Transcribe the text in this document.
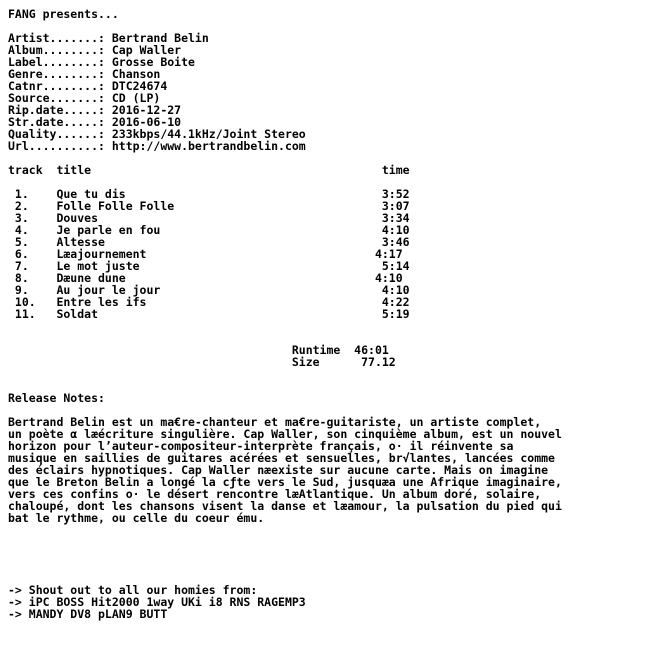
FANG presents...
Artist.......: Bertrand Belin
Album........: Cap Waller
Label........: Grosse Boite
Genre........: Chanson
Catnr........: DTC24674
Source.......: CD (LP)
Rip.date.....: 2016-12-27
Str.date.....: 2016-06-10
Quality......: 233kbps/44.1kHz/Joint Stereo
Url..........: http://www.bertrandbelin.com
track  title                                          time
1.    Que tu dis                                     3:52
2.    Folle Folle Folle                              3:07
3.    Douves                                         3:34
4.    Je parle en fou                                4:10
5.    Altesse                                        3:46
6.    Læajournement                                 4:17
7.    Le mot juste                                   5:14
8.    Dæune dune                                    4:10
9.    Au jour le jour                                4:10
10.   Entre les ifs                                  4:22
11.   Soldat                                         5:19
Runtime  46:01
Size      77.12
Release Notes:
Bertrand Belin est un ma€re-chanteur et ma€re-guitariste, un artiste complet,
un poète α læécriture singulière. Cap Waller, son cinquième album, est un nouvel
horizon pour l’auteur-compositeur-interprète français, o· il réinvente sa
musique en saillies de guitares acérées et sensuelles, br√lantes, lancées comme
des éclairs hypnotiques. Cap Waller næexiste sur aucune carte. Mais on imagine
que le Breton Belin a longé la cƒte vers le Sud, jusquæa une Afrique imaginaire,
vers ces confins o· le désert rencontre læAtlantique. Un album doré, solaire,
chaloupé, dont les chansons visent la danse et læamour, la pulsation du pied qui
bat le rythme, ou celle du coeur ému.
-> Shout out to all our homies from:
-> iPC BOSS Hit2000 1way UKi i8 RNS RAGEMP3
-> MANDY DV8 pLAN9 BUTT
